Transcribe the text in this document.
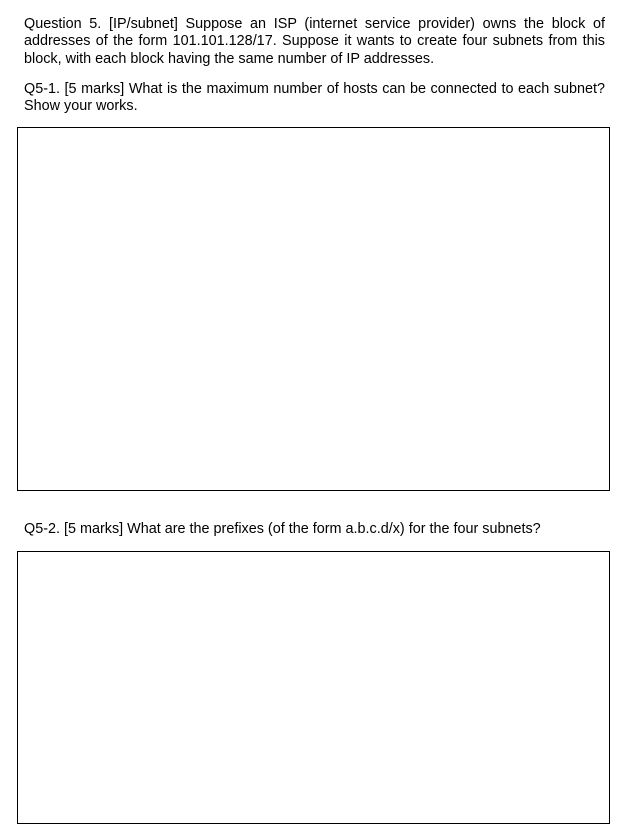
Question 5. [IP/subnet] Suppose an ISP (internet service provider) owns the block of addresses of the form 101.101.128/17. Suppose it wants to create four subnets from this block, with each block having the same number of IP addresses.

Q5-1. [5 marks] What is the maximum number of hosts can be connected to each subnet? Show your works.

Q5-2. [5 marks] What are the prefixes (of the form a.b.c.d/x) for the four subnets?
